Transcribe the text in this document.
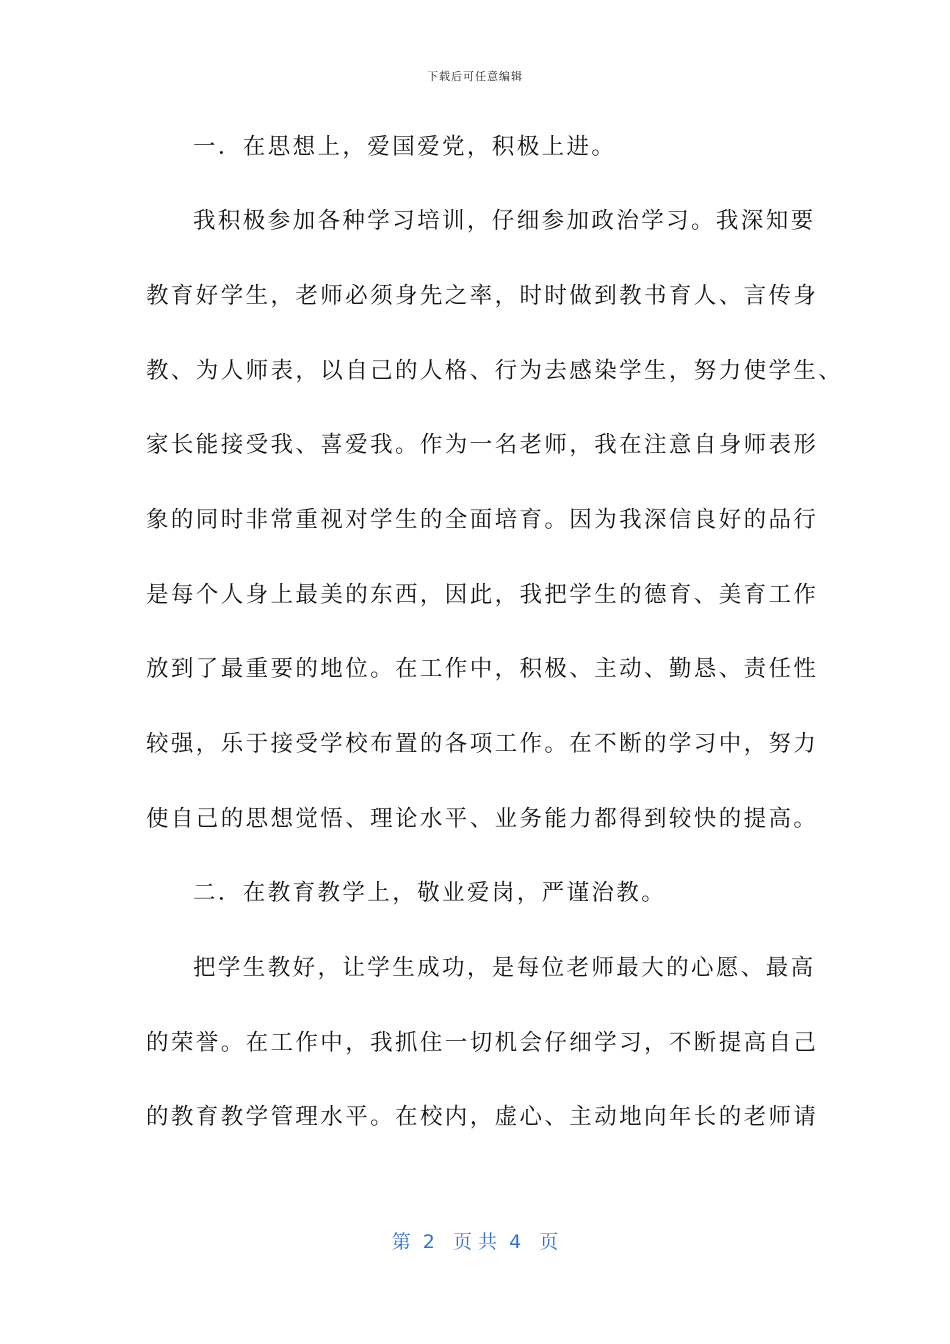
下载后可任意编辑
一．在思想上，爱国爱党，积极上进。
我积极参加各种学习培训，仔细参加政治学习。我深知要
教育好学生，老师必须身先之率，时时做到教书育人、言传身
教、为人师表，以自己的人格、行为去感染学生，努力使学生、
家长能接受我、喜爱我。作为一名老师，我在注意自身师表形
象的同时非常重视对学生的全面培育。因为我深信良好的品行
是每个人身上最美的东西，因此，我把学生的德育、美育工作
放到了最重要的地位。在工作中，积极、主动、勤恳、责任性
较强，乐于接受学校布置的各项工作。在不断的学习中，努力
使自己的思想觉悟、理论水平、业务能力都得到较快的提高。
二．在教育教学上，敬业爱岗，严谨治教。
把学生教好，让学生成功，是每位老师最大的心愿、最高
的荣誉。在工作中，我抓住一切机会仔细学习，不断提高自己
的教育教学管理水平。在校内，虚心、主动地向年长的老师请
第  2   页 共  4   页
